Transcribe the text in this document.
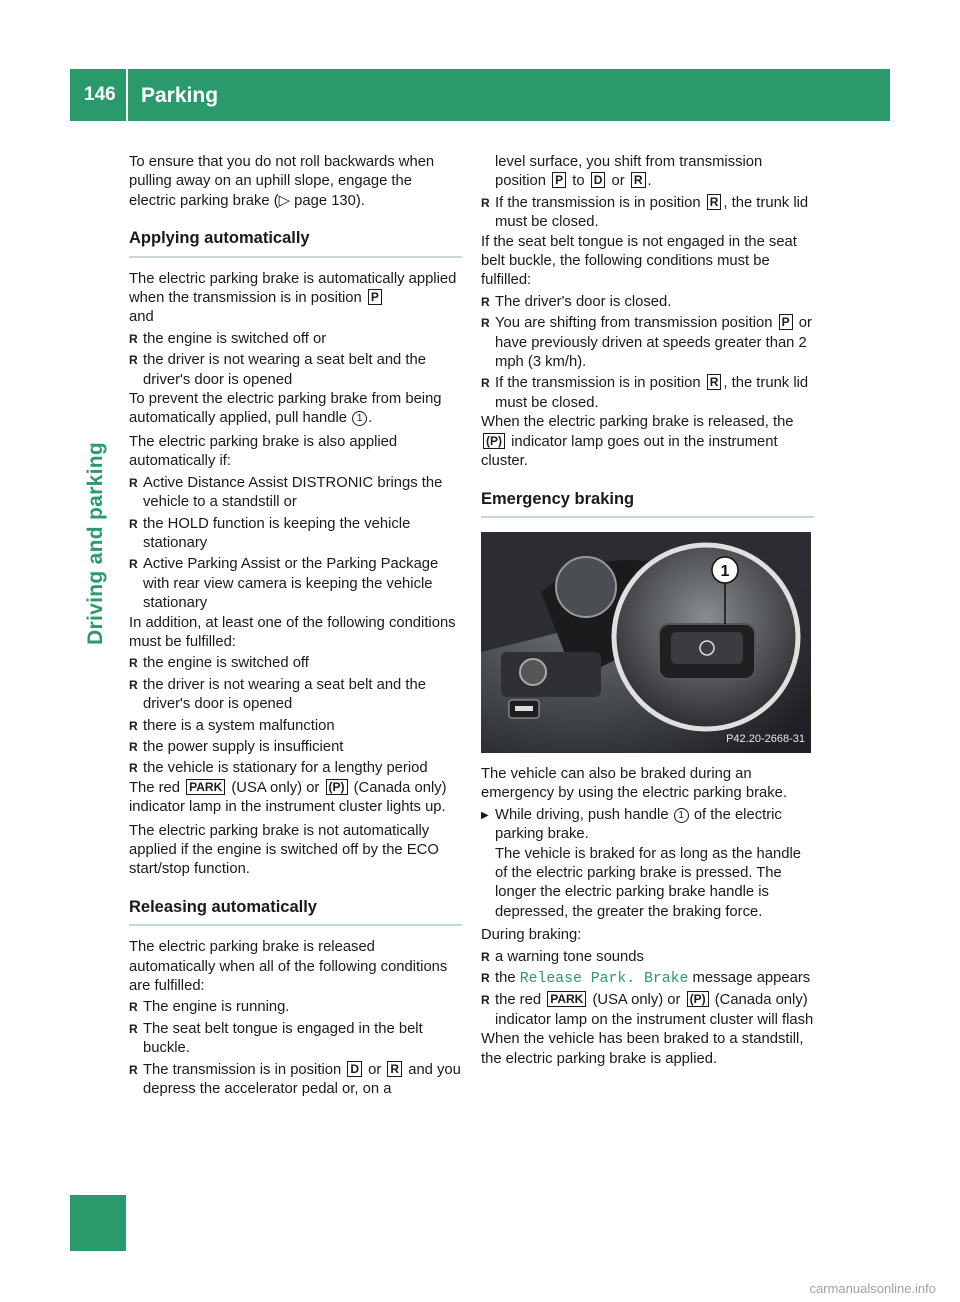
146	Parking
Driving and parking

To ensure that you do not roll backwards when pulling away on an uphill slope, engage the electric parking brake (▷ page 130).

Applying automatically

The electric parking brake is automatically applied when the transmission is in position P
and

R the engine is switched off or
R the driver is not wearing a seat belt and the driver's door is opened

To prevent the electric parking brake from being automatically applied, pull handle 1 .

The electric parking brake is also applied automatically if:

R Active Distance Assist DISTRONIC brings the vehicle to a standstill or
R the HOLD function is keeping the vehicle stationary
R Active Parking Assist or the Parking Package with rear view camera is keeping the vehicle stationary

In addition, at least one of the following conditions must be fulfilled:

R the engine is switched off
R the driver is not wearing a seat belt and the driver's door is opened
R there is a system malfunction
R the power supply is insufficient
R the vehicle is stationary for a lengthy period

The red PARK (USA only) or (P) (Canada only) indicator lamp in the instrument cluster lights up.

The electric parking brake is not automatically applied if the engine is switched off by the ECO start/stop function.

Releasing automatically

The electric parking brake is released automatically when all of the following conditions are fulfilled:

R The engine is running.
R The seat belt tongue is engaged in the belt buckle.
R The transmission is in position D or R and you depress the accelerator pedal or, on a

level surface, you shift from transmission position P to D or R .

R If the transmission is in position R , the trunk lid must be closed.

If the seat belt tongue is not engaged in the seat belt buckle, the following conditions must be fulfilled:

R The driver's door is closed.
R You are shifting from transmission position P or have previously driven at speeds greater than 2 mph (3 km/h).
R If the transmission is in position R , the trunk lid must be closed.

When the electric parking brake is released, the (P) indicator lamp goes out in the instrument cluster.

Emergency braking
1
P42.20-2668-31

The vehicle can also be braked during an emergency by using the electric parking brake.

▶ While driving, push handle 1 of the electric parking brake.
The vehicle is braked for as long as the handle of the electric parking brake is pressed. The longer the electric parking brake handle is depressed, the greater the braking force.

During braking:

R a warning tone sounds
R the Release Park. Brake message appears
R the red PARK (USA only) or (P) (Canada only) indicator lamp on the instrument cluster will flash

When the vehicle has been braked to a standstill, the electric parking brake is applied.

carmanualsonline.info
